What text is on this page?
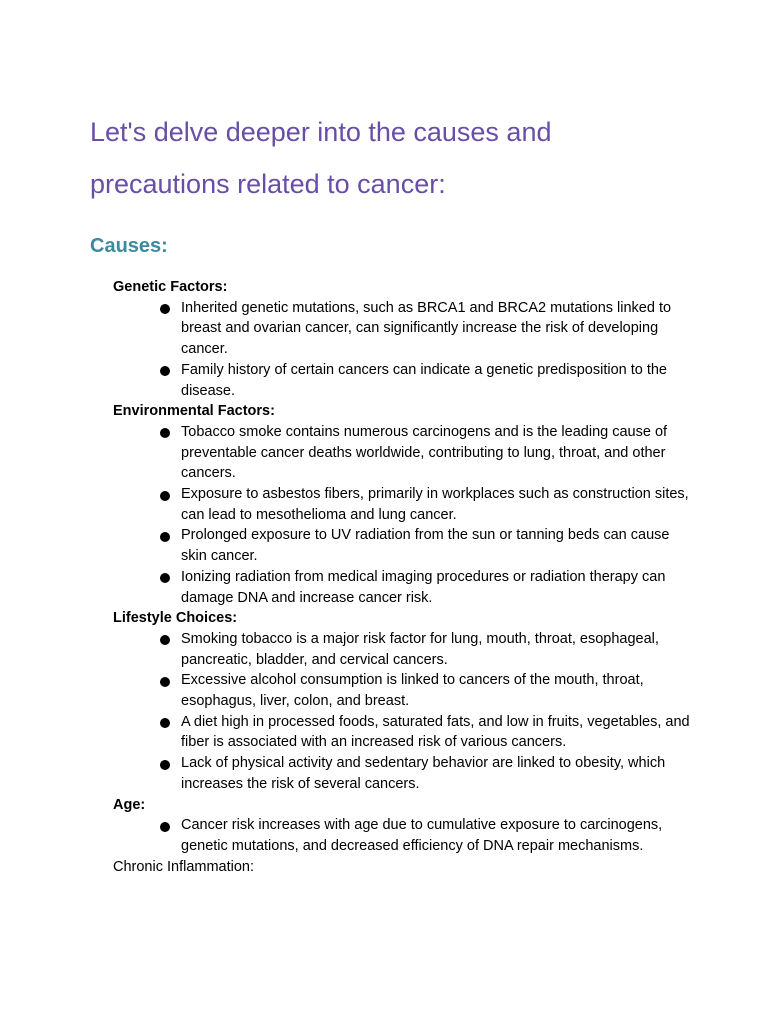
Let's delve deeper into the causes and precautions related to cancer:
Causes:

Genetic Factors:

Inherited genetic mutations, such as BRCA1 and BRCA2 mutations linked to breast and ovarian cancer, can significantly increase the risk of developing cancer.
Family history of certain cancers can indicate a genetic predisposition to the disease.

Environmental Factors:

Tobacco smoke contains numerous carcinogens and is the leading cause of preventable cancer deaths worldwide, contributing to lung, throat, and other cancers.
Exposure to asbestos fibers, primarily in workplaces such as construction sites, can lead to mesothelioma and lung cancer.
Prolonged exposure to UV radiation from the sun or tanning beds can cause skin cancer.
Ionizing radiation from medical imaging procedures or radiation therapy can damage DNA and increase cancer risk.

Lifestyle Choices:

Smoking tobacco is a major risk factor for lung, mouth, throat, esophageal, pancreatic, bladder, and cervical cancers.
Excessive alcohol consumption is linked to cancers of the mouth, throat, esophagus, liver, colon, and breast.
A diet high in processed foods, saturated fats, and low in fruits, vegetables, and fiber is associated with an increased risk of various cancers.
Lack of physical activity and sedentary behavior are linked to obesity, which increases the risk of several cancers.

Age:

Cancer risk increases with age due to cumulative exposure to carcinogens, genetic mutations, and decreased efficiency of DNA repair mechanisms.

Chronic Inflammation:
